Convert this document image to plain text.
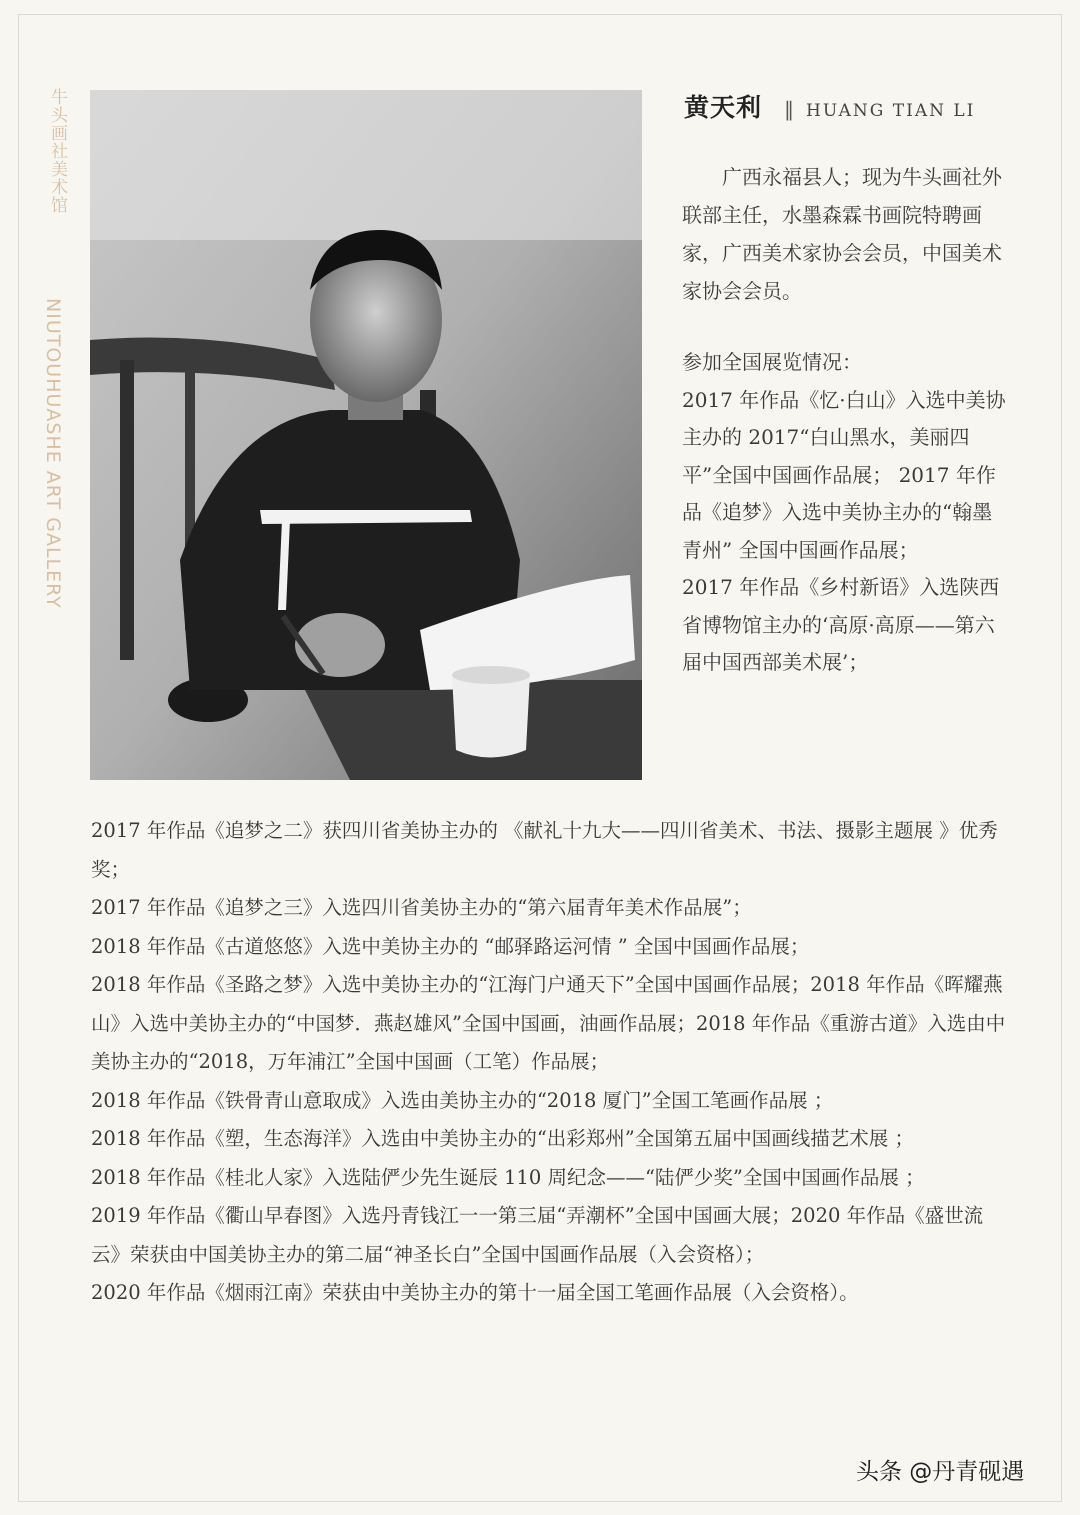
牛头画社美术馆
NIUTOUHUASHE ART GALLERY
黄天利 ‖ HUANG TIAN LI

广西永福县人；现为牛头画社外联部主任，水墨森霖书画院特聘画家，广西美术家协会会员，中国美术家协会会员。

参加全国展览情况：
2017 年作品《忆·白山》入选中美协主办的 2017“白山黑水，美丽四平”全国中国画作品展； 2017 年作品《追梦》入选中美协主办的“翰墨青州” 全国中国画作品展；
2017 年作品《乡村新语》入选陕西省博物馆主办的‘高原·高原——第六届中国西部美术展’；
2017 年作品《追梦之二》获四川省美协主办的 《献礼十九大——四川省美术、书法、摄影主题展 》优秀奖；
2017 年作品《追梦之三》入选四川省美协主办的“第六届青年美术作品展”；
2018 年作品《古道悠悠》入选中美协主办的 “邮驿路运河情 ” 全国中国画作品展；
2018 年作品《圣路之梦》入选中美协主办的“江海门户通天下”全国中国画作品展；2018 年作品《晖耀燕山》入选中美协主办的“中国梦．燕赵雄风”全国中国画，油画作品展；2018 年作品《重游古道》入选由中美协主办的“2018，万年浦江”全国中国画（工笔）作品展；
2018 年作品《铁骨青山意取成》入选由美协主办的“2018 厦门”全国工笔画作品展 ；
2018 年作品《塑，生态海洋》入选由中美协主办的“出彩郑州”全国第五届中国画线描艺术展 ；
2018 年作品《桂北人家》入选陆俨少先生诞辰 110 周纪念——“陆俨少奖”全国中国画作品展 ；
2019 年作品《衢山早春图》入选丹青钱江一一第三届“弄潮杯”全国中国画大展；2020 年作品《盛世流云》荣获由中国美协主办的第二届“神圣长白”全国中国画作品展（入会资格）；
2020 年作品《烟雨江南》荣获由中美协主办的第十一届全国工笔画作品展（入会资格）。
头条 @丹青砚遇
